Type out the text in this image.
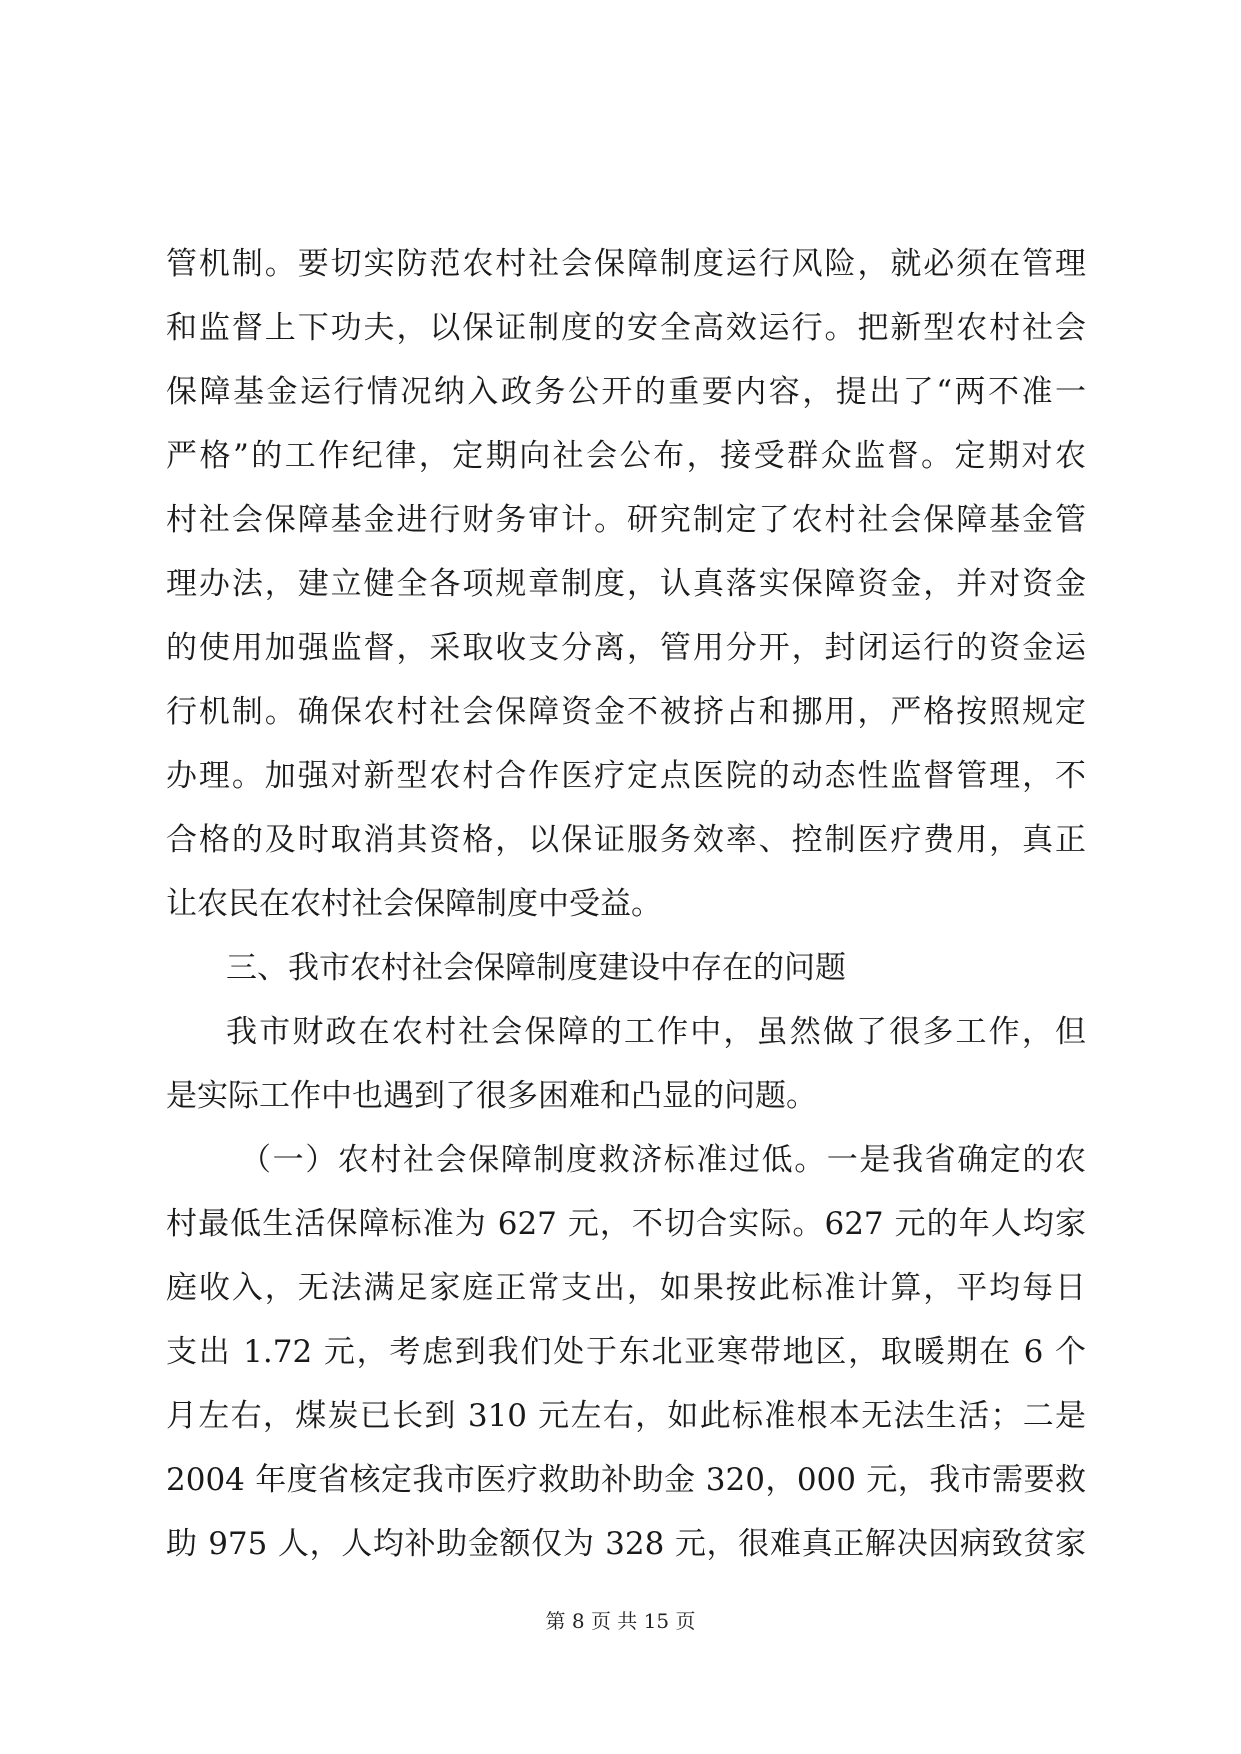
管机制。要切实防范农村社会保障制度运行风险，就必须在管理
和监督上下功夫，以保证制度的安全高效运行。把新型农村社会
保障基金运行情况纳入政务公开的重要内容，提出了“两不准一
严格”的工作纪律，定期向社会公布，接受群众监督。定期对农
村社会保障基金进行财务审计。研究制定了农村社会保障基金管
理办法，建立健全各项规章制度，认真落实保障资金，并对资金
的使用加强监督，采取收支分离，管用分开，封闭运行的资金运
行机制。确保农村社会保障资金不被挤占和挪用，严格按照规定
办理。加强对新型农村合作医疗定点医院的动态性监督管理，不
合格的及时取消其资格，以保证服务效率、控制医疗费用，真正
让农民在农村社会保障制度中受益。
三、我市农村社会保障制度建设中存在的问题
我市财政在农村社会保障的工作中，虽然做了很多工作，但
是实际工作中也遇到了很多困难和凸显的问题。
（一）农村社会保障制度救济标准过低。一是我省确定的农
村最低生活保障标准为 627 元，不切合实际。627 元的年人均家
庭收入，无法满足家庭正常支出，如果按此标准计算，平均每日
支出 1.72 元，考虑到我们处于东北亚寒带地区，取暖期在 6 个
月左右，煤炭已长到 310 元左右，如此标准根本无法生活；二是
2004 年度省核定我市医疗救助补助金 320，000 元，我市需要救
助 975 人，人均补助金额仅为 328 元，很难真正解决因病致贫家
第 8 页 共 15 页
